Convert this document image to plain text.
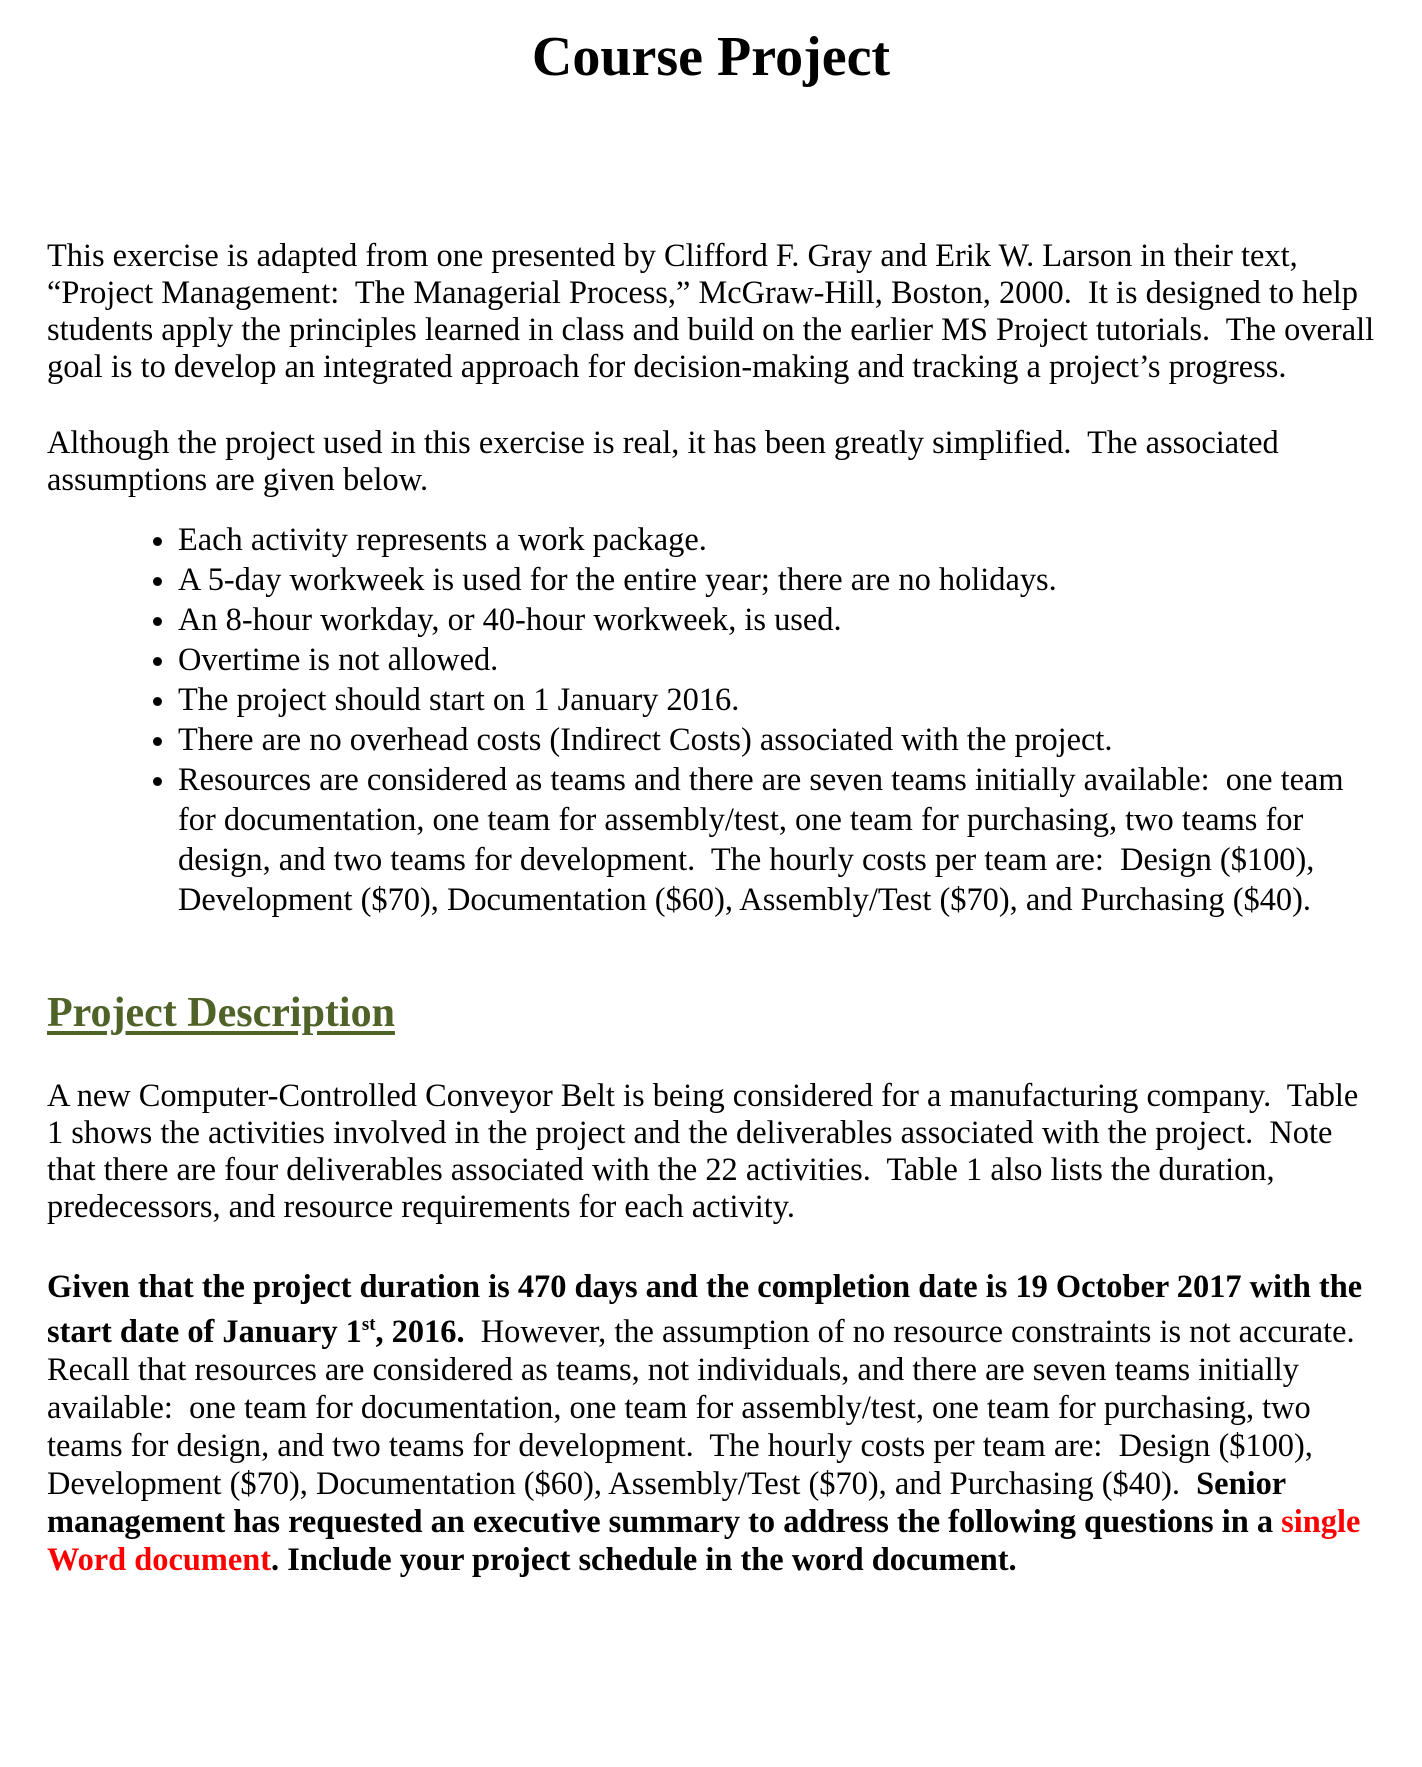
Course Project

This exercise is adapted from one presented by Clifford F. Gray and Erik W. Larson in their text, “Project Management:  The Managerial Process,” McGraw-Hill, Boston, 2000.  It is designed to help students apply the principles learned in class and build on the earlier MS Project tutorials.  The overall goal is to develop an integrated approach for decision-making and tracking a project’s progress.

Although the project used in this exercise is real, it has been greatly simplified.  The associated assumptions are given below.

• Each activity represents a work package.
• A 5-day workweek is used for the entire year; there are no holidays.
• An 8-hour workday, or 40-hour workweek, is used.
• Overtime is not allowed.
• The project should start on 1 January 2016.
• There are no overhead costs (Indirect Costs) associated with the project.
• Resources are considered as teams and there are seven teams initially available:  one team for documentation, one team for assembly/test, one team for purchasing, two teams for design, and two teams for development.  The hourly costs per team are:  Design ($100), Development ($70), Documentation ($60), Assembly/Test ($70), and Purchasing ($40).
Project Description

A new Computer-Controlled Conveyor Belt is being considered for a manufacturing company.  Table 1 shows the activities involved in the project and the deliverables associated with the project.  Note that there are four deliverables associated with the 22 activities.  Table 1 also lists the duration, predecessors, and resource requirements for each activity.

Given that the project duration is 470 days and the completion date is 19 October 2017 with the start date of January 1st, 2016.  However, the assumption of no resource constraints is not accurate.  Recall that resources are considered as teams, not individuals, and there are seven teams initially available:  one team for documentation, one team for assembly/test, one team for purchasing, two teams for design, and two teams for development.  The hourly costs per team are:  Design ($100), Development ($70), Documentation ($60), Assembly/Test ($70), and Purchasing ($40).  Senior management has requested an executive summary to address the following questions in a single Word document. Include your project schedule in the word document.
